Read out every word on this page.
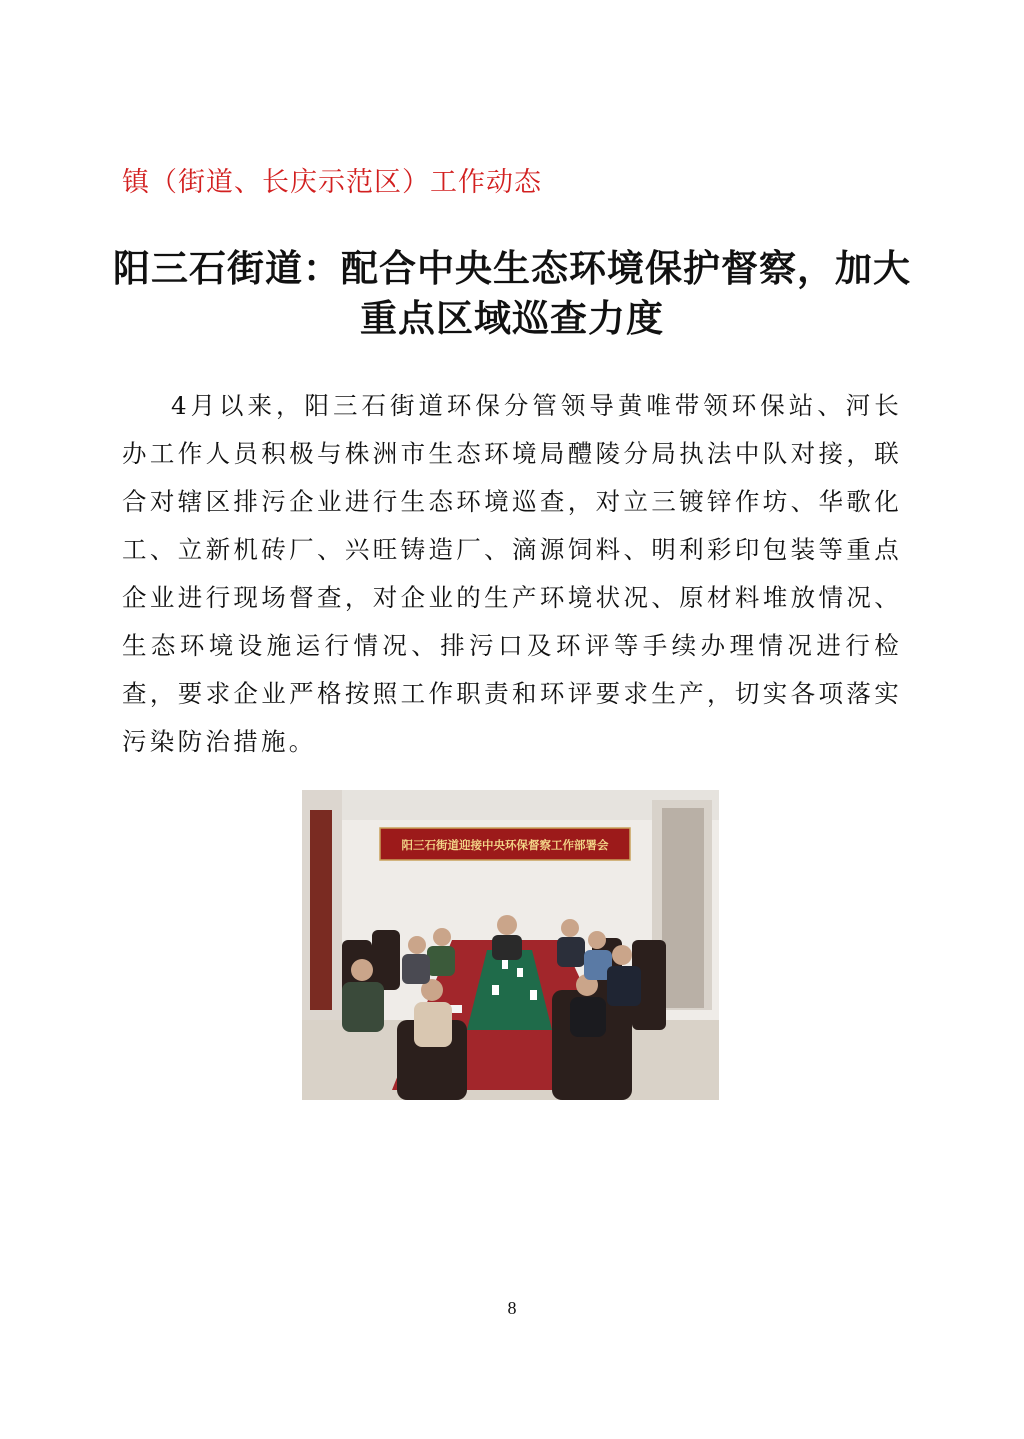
镇（街道、长庆示范区）工作动态
阳三石街道：配合中央生态环境保护督察，加大
重点区域巡查力度

4月以来，阳三石街道环保分管领导黄唯带领环保站、河长办工作人员积极与株洲市生态环境局醴陵分局执法中队对接，联合对辖区排污企业进行生态环境巡查，对立三镀锌作坊、华歌化工、立新机砖厂、兴旺铸造厂、滴源饲料、明利彩印包装等重点企业进行现场督查，对企业的生产环境状况、原材料堆放情况、生态环境设施运行情况、排污口及环评等手续办理情况进行检查，要求企业严格按照工作职责和环评要求生产，切实各项落实污染防治措施。

阳三石街道迎接中央环保督察工作部署会
8
